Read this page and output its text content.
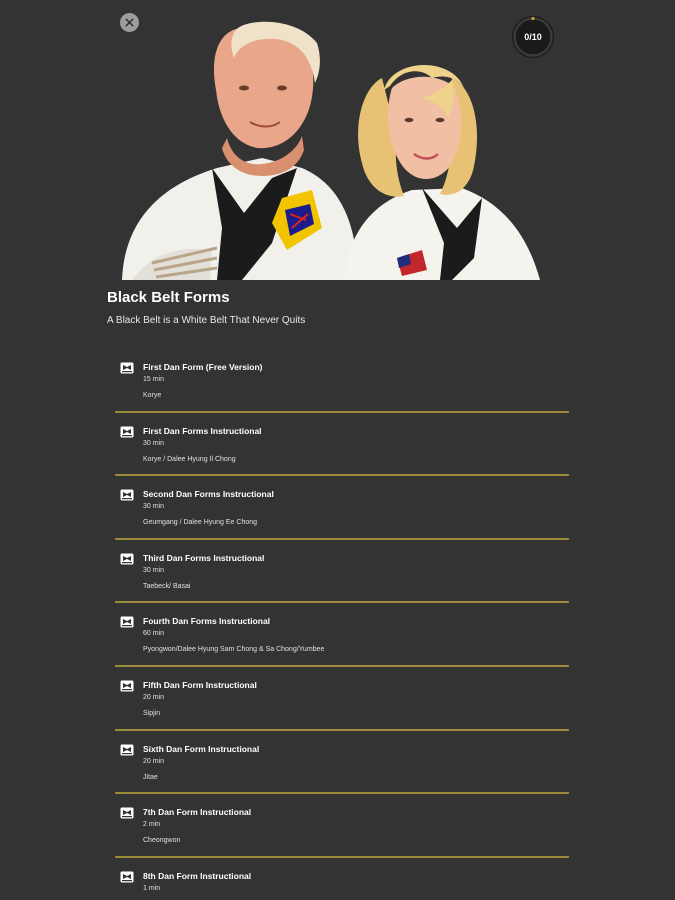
0/10
Black Belt Forms
A Black Belt is a White Belt That Never Quits
First Dan Form (Free Version)
15 min
Korye
First Dan Forms Instructional
30 min
Korye / Dalee Hyung Il Chong
Second Dan Forms Instructional
30 min
Geumgang / Dalee Hyung Ee Chong
Third Dan Forms Instructional
30 min
Taebeck/ Basai
Fourth Dan Forms Instructional
60 min
Pyongwon/Dalee Hyung Sam Chong & Sa Chong/Yumbee
Fifth Dan Form Instructional
20 min
Sipjin
Sixth Dan Form Instructional
20 min
Jitae
7th Dan Form Instructional
2 min
Cheongwon
8th Dan Form Instructional
1 min
